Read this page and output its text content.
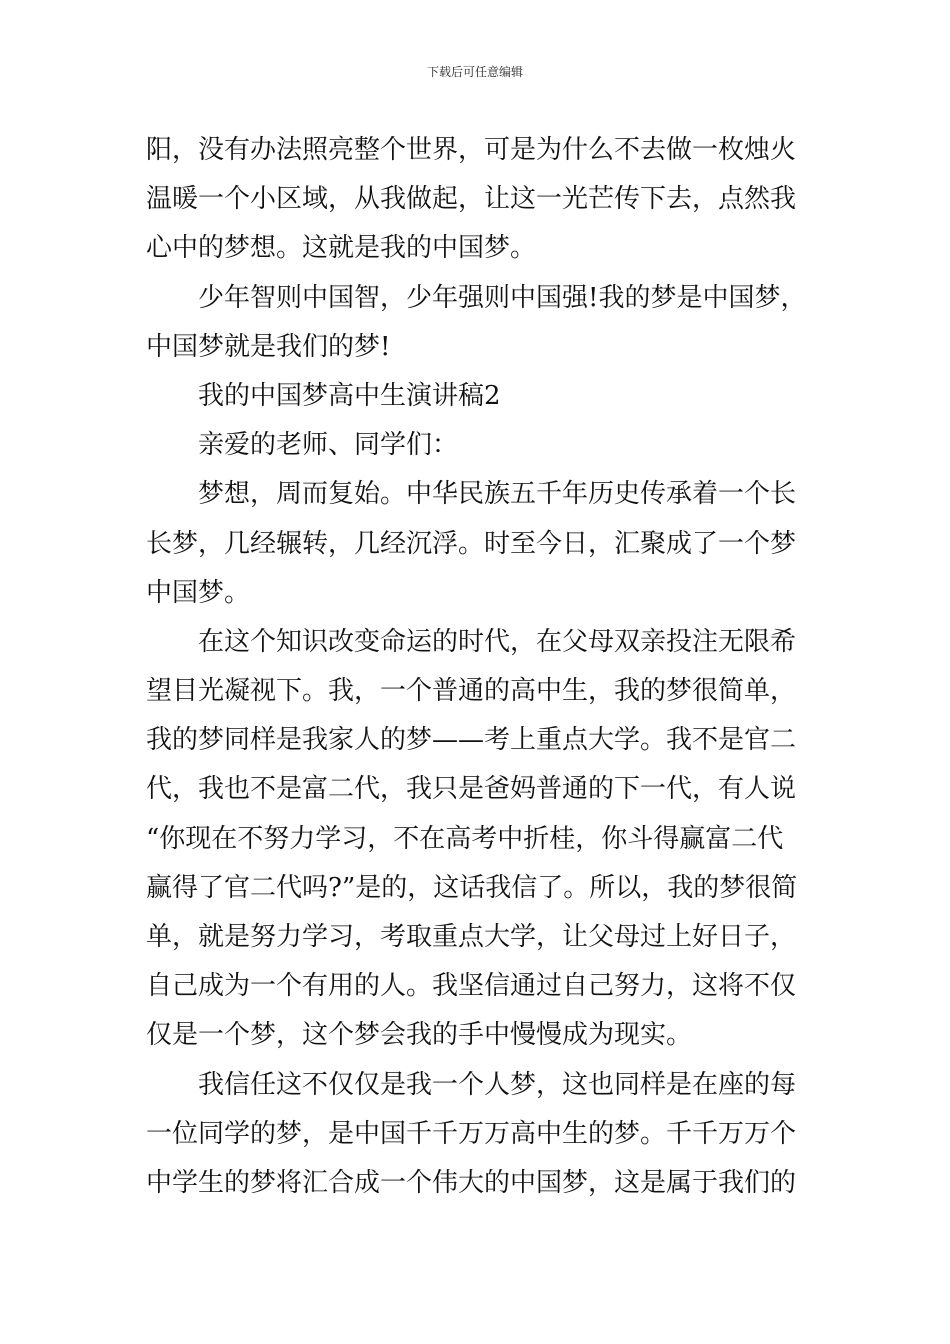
下载后可任意编辑
阳，没有办法照亮整个世界，可是为什么不去做一枚烛火
温暖一个小区域，从我做起，让这一光芒传下去，点然我
心中的梦想。这就是我的中国梦。
少年智则中国智，少年强则中国强!我的梦是中国梦，
中国梦就是我们的梦!
我的中国梦高中生演讲稿2
亲爱的老师、同学们：
梦想，周而复始。中华民族五千年历史传承着一个长
长梦，几经辗转，几经沉浮。时至今日，汇聚成了一个梦
中国梦。
在这个知识改变命运的时代，在父母双亲投注无限希
望目光凝视下。我，一个普通的高中生，我的梦很简单，
我的梦同样是我家人的梦——考上重点大学。我不是官二
代，我也不是富二代，我只是爸妈普通的下一代，有人说
“你现在不努力学习，不在高考中折桂，你斗得赢富二代
赢得了官二代吗?”是的，这话我信了。所以，我的梦很简
单，就是努力学习，考取重点大学，让父母过上好日子，
自己成为一个有用的人。我坚信通过自己努力，这将不仅
仅是一个梦，这个梦会我的手中慢慢成为现实。
我信任这不仅仅是我一个人梦，这也同样是在座的每
一位同学的梦，是中国千千万万高中生的梦。千千万万个
中学生的梦将汇合成一个伟大的中国梦，这是属于我们的
